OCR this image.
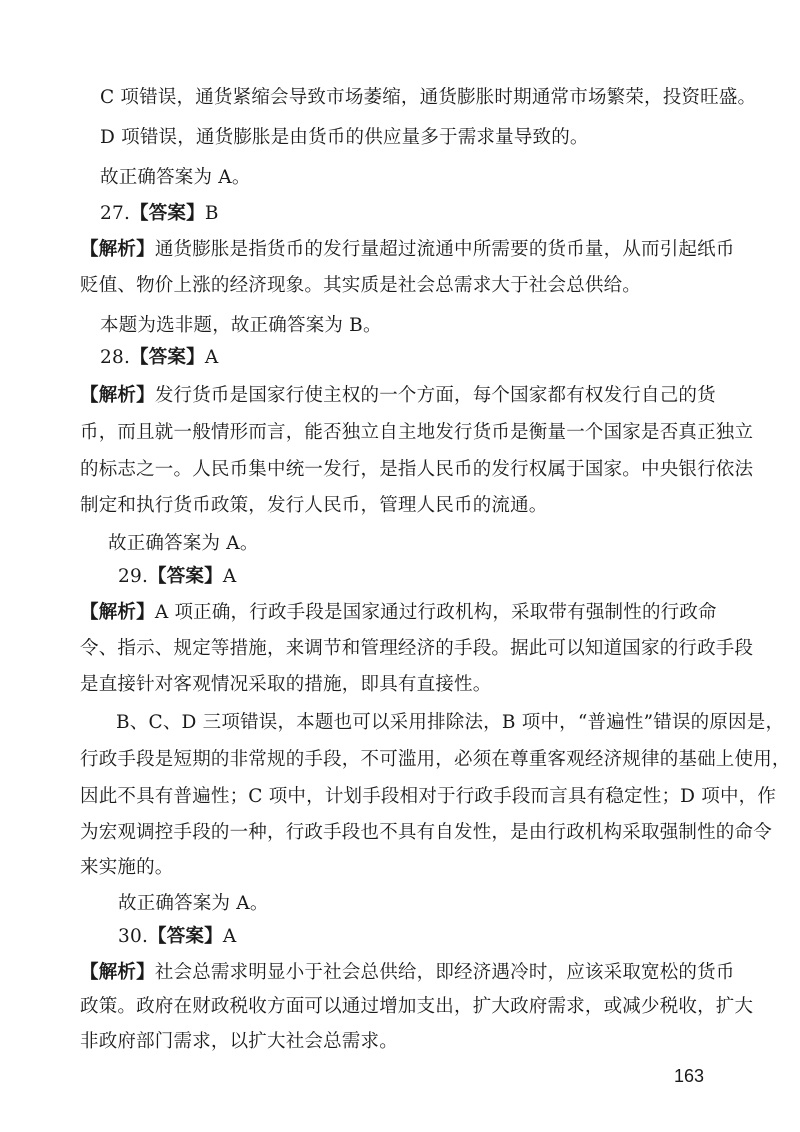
C 项错误，通货紧缩会导致市场萎缩，通货膨胀时期通常市场繁荣，投资旺盛。
D 项错误，通货膨胀是由货币的供应量多于需求量导致的。
故正确答案为 A。
27.【答案】B
【解析】通货膨胀是指货币的发行量超过流通中所需要的货币量，从而引起纸币
贬值、物价上涨的经济现象。其实质是社会总需求大于社会总供给。
本题为选非题，故正确答案为 B。
28.【答案】A
【解析】发行货币是国家行使主权的一个方面，每个国家都有权发行自己的货
币，而且就一般情形而言，能否独立自主地发行货币是衡量一个国家是否真正独立
的标志之一。人民币集中统一发行，是指人民币的发行权属于国家。中央银行依法
制定和执行货币政策，发行人民币，管理人民币的流通。
故正确答案为 A。
29.【答案】A
【解析】A 项正确，行政手段是国家通过行政机构，采取带有强制性的行政命
令、指示、规定等措施，来调节和管理经济的手段。据此可以知道国家的行政手段
是直接针对客观情况采取的措施，即具有直接性。
B、C、D 三项错误，本题也可以采用排除法，B 项中，“普遍性”错误的原因是，
行政手段是短期的非常规的手段，不可滥用，必须在尊重客观经济规律的基础上使用，
因此不具有普遍性；C 项中，计划手段相对于行政手段而言具有稳定性；D 项中，作
为宏观调控手段的一种，行政手段也不具有自发性，是由行政机构采取强制性的命令
来实施的。
故正确答案为 A。
30.【答案】A
【解析】社会总需求明显小于社会总供给，即经济遇冷时，应该采取宽松的货币
政策。政府在财政税收方面可以通过增加支出，扩大政府需求，或减少税收，扩大
非政府部门需求，以扩大社会总需求。
163
